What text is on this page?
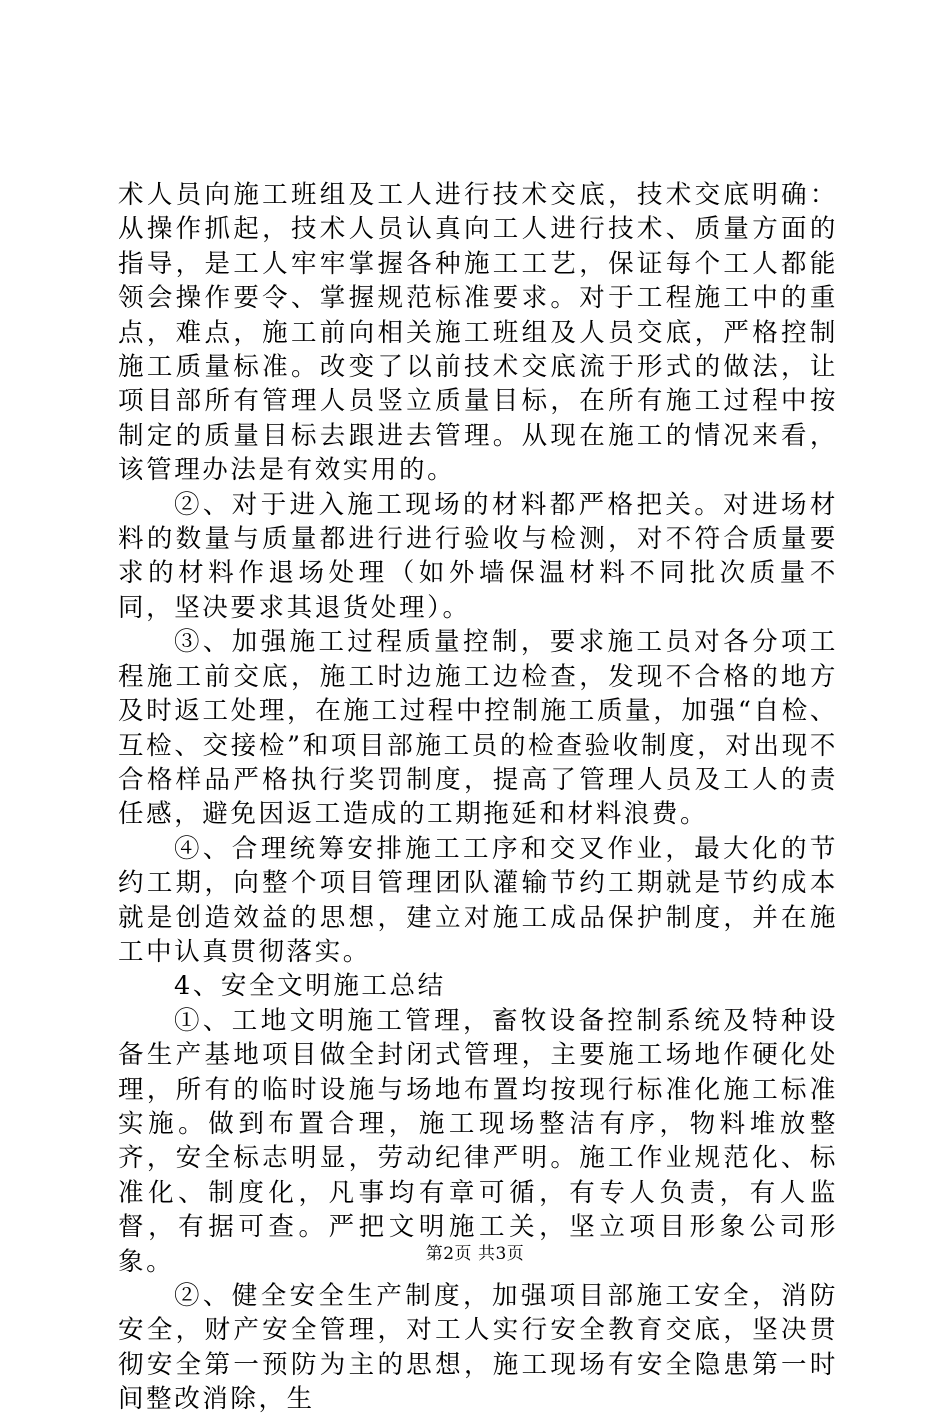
术人员向施工班组及工人进行技术交底，技术交底明确：从操作抓起，技术人员认真向工人进行技术、质量方面的指导，是工人牢牢掌握各种施工工艺，保证每个工人都能领会操作要令、掌握规范标准要求。对于工程施工中的重点，难点，施工前向相关施工班组及人员交底，严格控制施工质量标准。改变了以前技术交底流于形式的做法，让项目部所有管理人员竖立质量目标，在所有施工过程中按制定的质量目标去跟进去管理。从现在施工的情况来看，该管理办法是有效实用的。

②、对于进入施工现场的材料都严格把关。对进场材料的数量与质量都进行进行验收与检测，对不符合质量要求的材料作退场处理（如外墙保温材料不同批次质量不同，坚决要求其退货处理）。

③、加强施工过程质量控制，要求施工员对各分项工程施工前交底，施工时边施工边检查，发现不合格的地方及时返工处理，在施工过程中控制施工质量，加强“自检、互检、交接检”和项目部施工员的检查验收制度，对出现不合格样品严格执行奖罚制度，提高了管理人员及工人的责任感，避免因返工造成的工期拖延和材料浪费。

④、合理统筹安排施工工序和交叉作业，最大化的节约工期，向整个项目管理团队灌输节约工期就是节约成本就是创造效益的思想，建立对施工成品保护制度，并在施工中认真贯彻落实。

4、安全文明施工总结

①、工地文明施工管理，畜牧设备控制系统及特种设备生产基地项目做全封闭式管理，主要施工场地作硬化处理，所有的临时设施与场地布置均按现行标准化施工标准实施。做到布置合理，施工现场整洁有序，物料堆放整齐，安全标志明显，劳动纪律严明。施工作业规范化、标准化、制度化，凡事均有章可循，有专人负责，有人监督，有据可查。严把文明施工关，坚立项目形象公司形象。

②、健全安全生产制度，加强项目部施工安全，消防安全，财产安全管理，对工人实行安全教育交底，坚决贯彻安全第一预防为主的思想，施工现场有安全隐患第一时间整改消除，生

第2页 共3页
